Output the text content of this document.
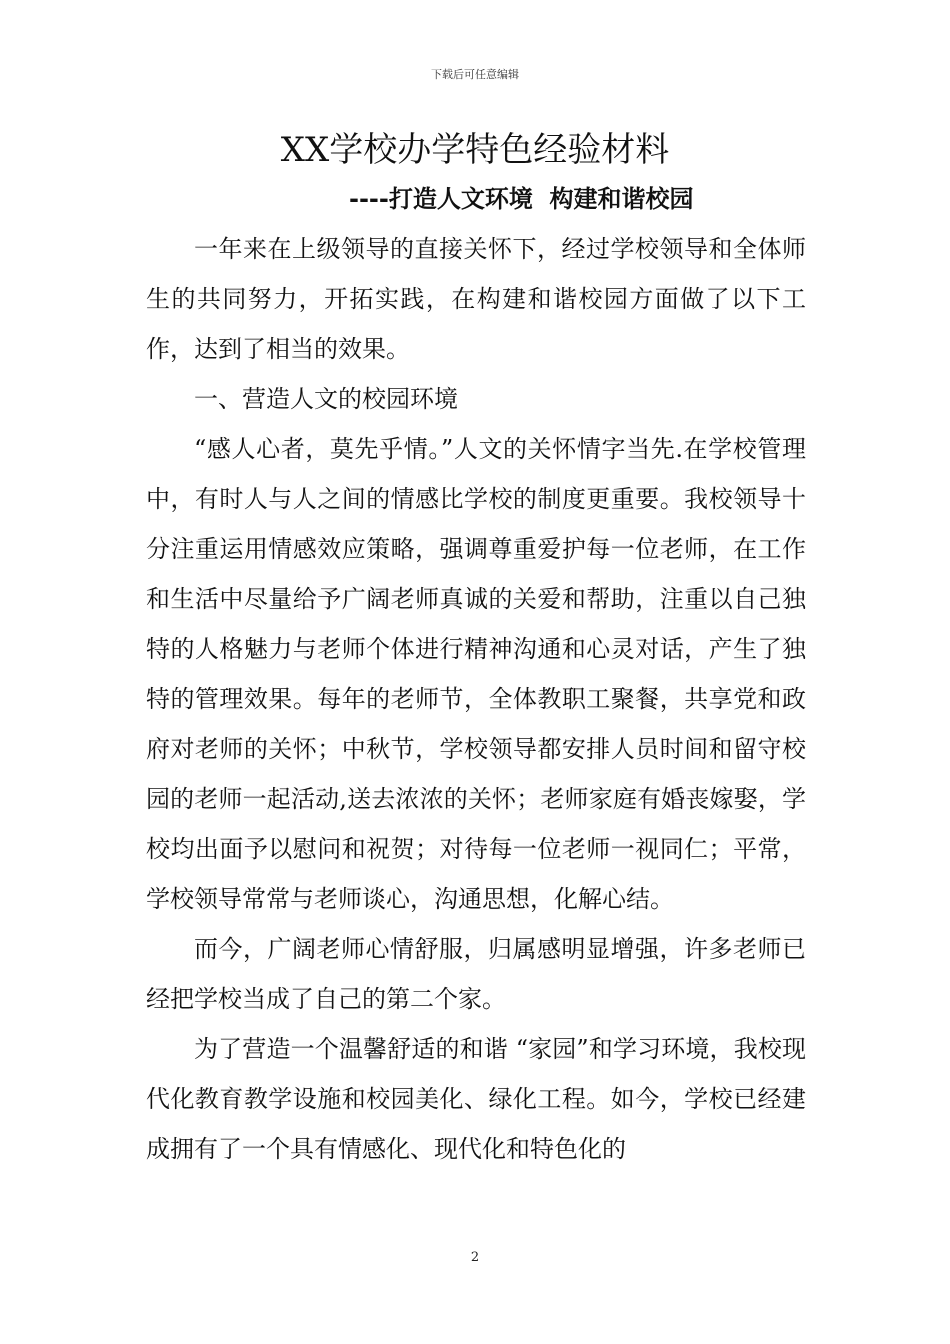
下载后可任意编辑
XX学校办学特色经验材料
----打造人文环境  构建和谐校园

一年来在上级领导的直接关怀下，经过学校领导和全体师生的共同努力，开拓实践，在构建和谐校园方面做了以下工作，达到了相当的效果。

一、营造人文的校园环境

“感人心者，莫先乎情。”人文的关怀情字当先.在学校管理中，有时人与人之间的情感比学校的制度更重要。我校领导十分注重运用情感效应策略，强调尊重爱护每一位老师，在工作和生活中尽量给予广阔老师真诚的关爱和帮助，注重以自己独特的人格魅力与老师个体进行精神沟通和心灵对话，产生了独特的管理效果。每年的老师节，全体教职工聚餐，共享党和政府对老师的关怀；中秋节，学校领导都安排人员时间和留守校园的老师一起活动,送去浓浓的关怀；老师家庭有婚丧嫁娶，学校均出面予以慰问和祝贺；对待每一位老师一视同仁；平常，学校领导常常与老师谈心，沟通思想，化解心结。

而今，广阔老师心情舒服，归属感明显增强，许多老师已经把学校当成了自己的第二个家。

为了营造一个温馨舒适的和谐 “家园”和学习环境，我校现代化教育教学设施和校园美化、绿化工程。如今，学校已经建成拥有了一个具有情感化、现代化和特色化的

2
